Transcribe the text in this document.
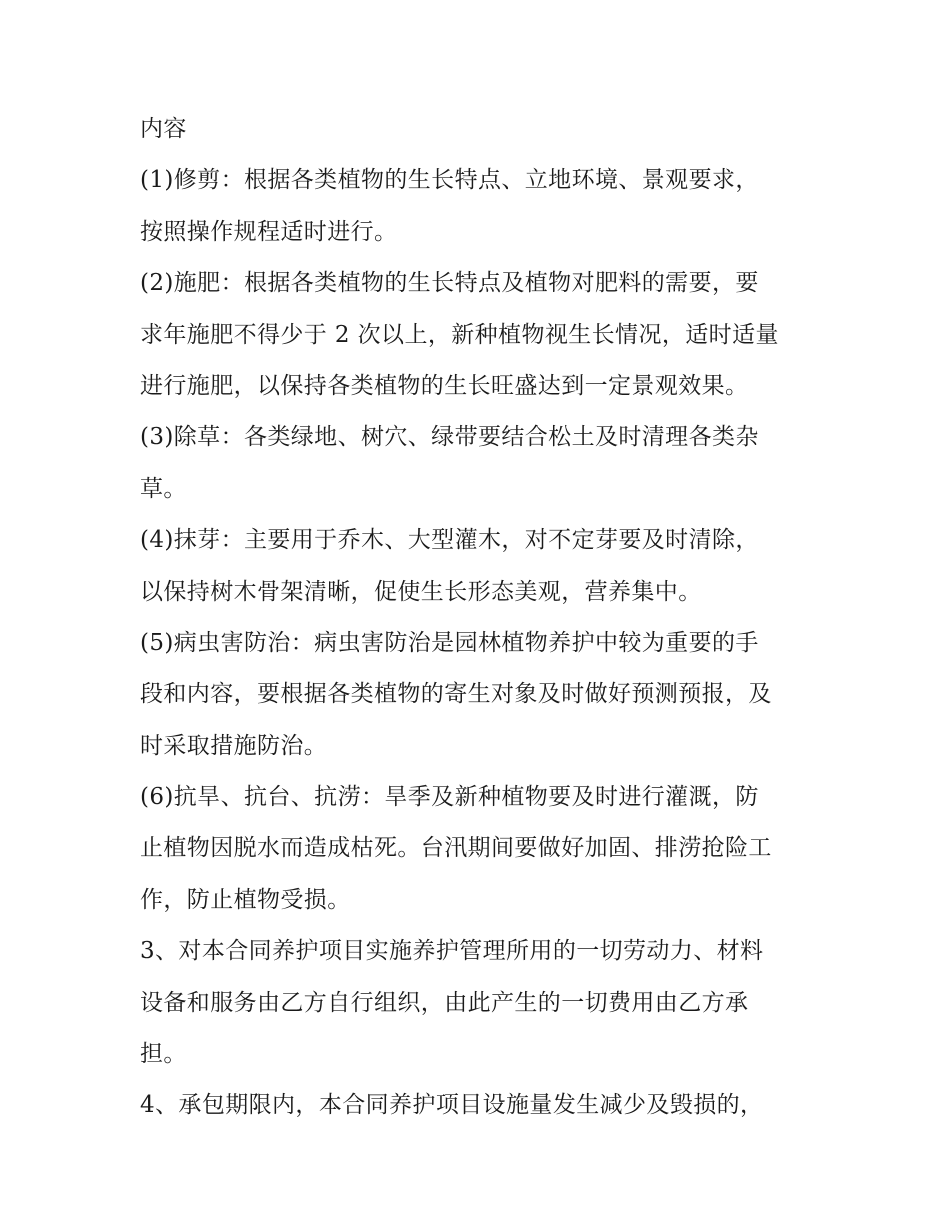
内容
(1)修剪：根据各类植物的生长特点、立地环境、景观要求，
按照操作规程适时进行。
(2)施肥：根据各类植物的生长特点及植物对肥料的需要，要
求年施肥不得少于 2 次以上，新种植物视生长情况，适时适量
进行施肥，以保持各类植物的生长旺盛达到一定景观效果。
(3)除草：各类绿地、树穴、绿带要结合松土及时清理各类杂
草。
(4)抹芽：主要用于乔木、大型灌木，对不定芽要及时清除，
以保持树木骨架清晰，促使生长形态美观，营养集中。
(5)病虫害防治：病虫害防治是园林植物养护中较为重要的手
段和内容，要根据各类植物的寄生对象及时做好预测预报，及
时采取措施防治。
(6)抗旱、抗台、抗涝：旱季及新种植物要及时进行灌溉，防
止植物因脱水而造成枯死。台汛期间要做好加固、排涝抢险工
作，防止植物受损。
3、对本合同养护项目实施养护管理所用的一切劳动力、材料
设备和服务由乙方自行组织，由此产生的一切费用由乙方承
担。
4、承包期限内，本合同养护项目设施量发生减少及毁损的，
